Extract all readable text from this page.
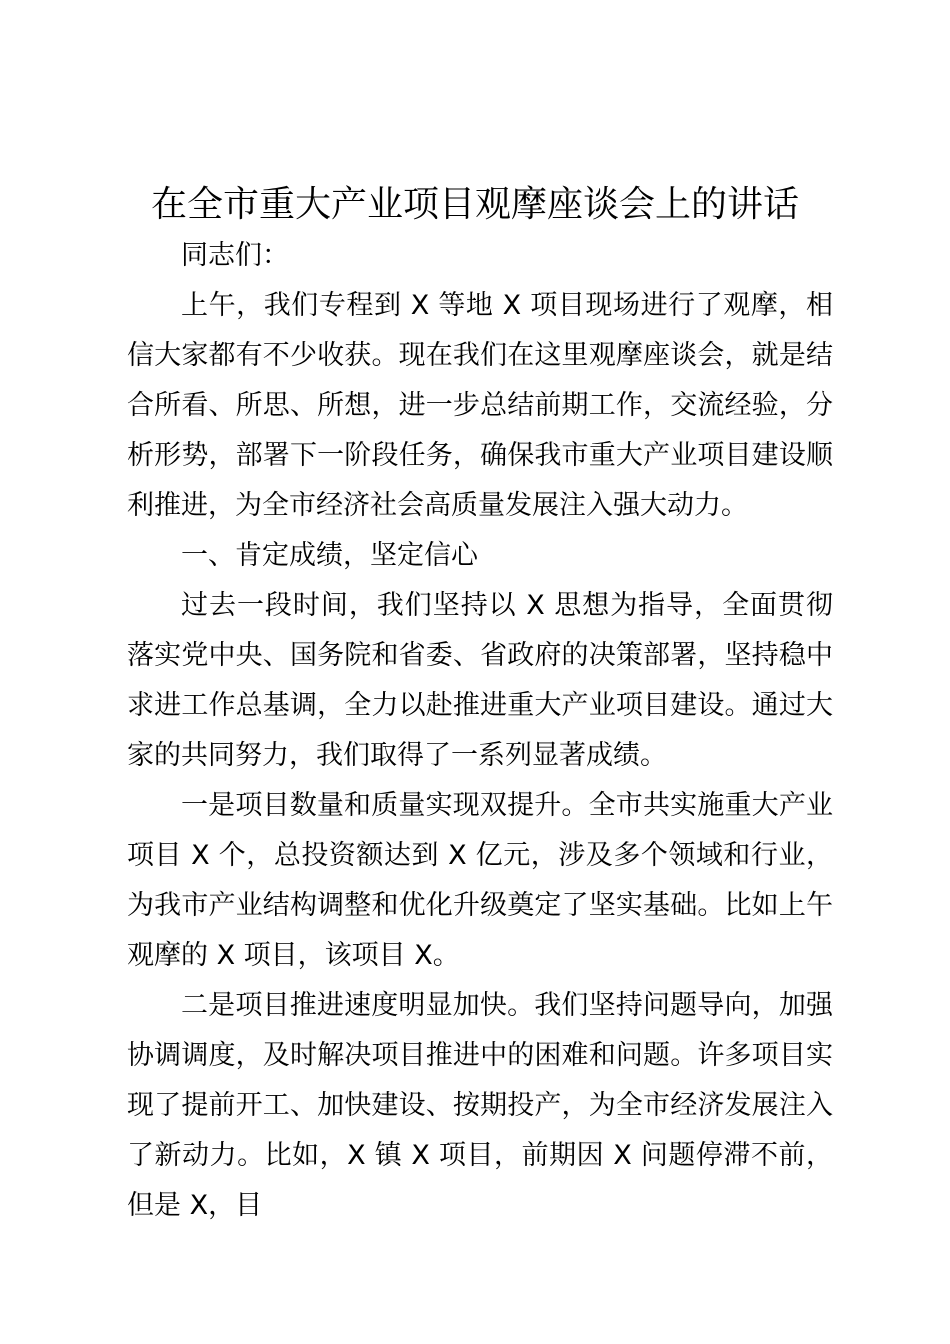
在全市重大产业项目观摩座谈会上的讲话

同志们：

上午，我们专程到 X 等地 X 项目现场进行了观摩，相信大家都有不少收获。现在我们在这里观摩座谈会，就是结合所看、所思、所想，进一步总结前期工作，交流经验，分析形势，部署下一阶段任务，确保我市重大产业项目建设顺利推进，为全市经济社会高质量发展注入强大动力。

一、肯定成绩，坚定信心

过去一段时间，我们坚持以 X 思想为指导，全面贯彻落实党中央、国务院和省委、省政府的决策部署，坚持稳中求进工作总基调，全力以赴推进重大产业项目建设。通过大家的共同努力，我们取得了一系列显著成绩。

一是项目数量和质量实现双提升。全市共实施重大产业项目 X 个，总投资额达到 X 亿元，涉及多个领域和行业，为我市产业结构调整和优化升级奠定了坚实基础。比如上午观摩的 X 项目，该项目 X。

二是项目推进速度明显加快。我们坚持问题导向，加强协调调度，及时解决项目推进中的困难和问题。许多项目实现了提前开工、加快建设、按期投产，为全市经济发展注入了新动力。比如，X 镇 X 项目，前期因 X 问题停滞不前，但是 X，目
